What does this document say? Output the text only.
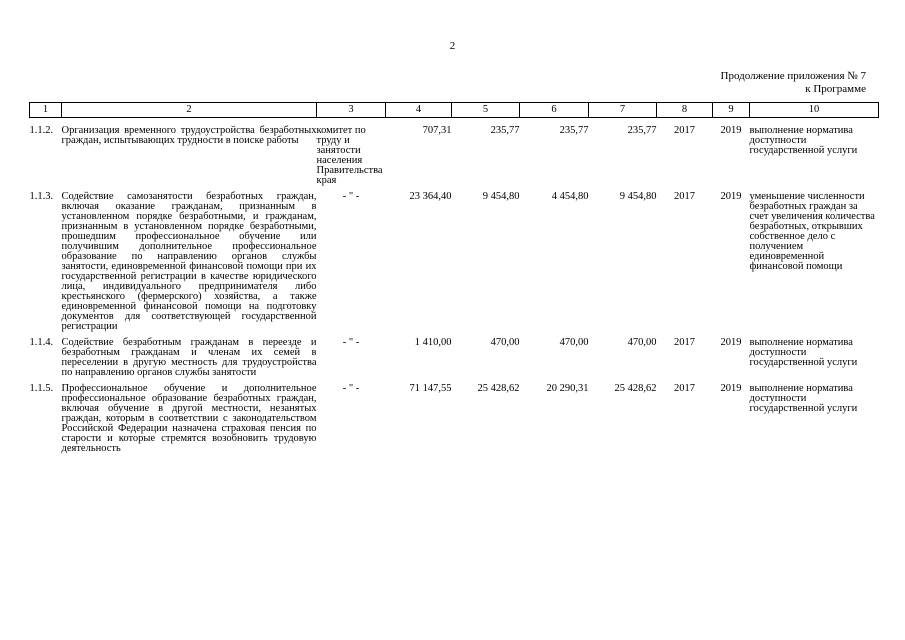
2
Продолжение приложения № 7
к Программе
1	2	3	4	5	6	7	8	9	10
1.1.2.	Организация временного трудоустройства безработных граждан, испытывающих трудности в поиске работы	комитет по труду и занятости населения Правительства края	707,31	235,77	235,77	235,77	2017	2019	выполнение норматива доступности государственной услуги
1.1.3.	Содействие самозанятости безработных граждан, включая оказание гражданам, признанным в установленном порядке безработными, и гражданам, признанным в установленном порядке безработными, прошедшим профессиональное обучение или получившим дополнительное профессиональное образование по направлению органов службы занятости, единовременной финансовой помощи при их государственной регистрации в качестве юридического лица, индивидуального предпринимателя либо крестьянского (фермерского) хозяйства, а также единовременной финансовой помощи на подготовку документов для соответствующей государственной регистрации	- " -	23 364,40	9 454,80	4 454,80	9 454,80	2017	2019	уменьшение численности безработных граждан за счет увеличения количества безработных, открывших собственное дело с получением единовременной финансовой помощи
1.1.4.	Содействие безработным гражданам в переезде и безработным гражданам и членам их семей в переселении в другую местность для трудоустройства по направлению органов службы занятости	- " -	1 410,00	470,00	470,00	470,00	2017	2019	выполнение норматива доступности государственной услуги
1.1.5.	Профессиональное обучение и дополнительное профессиональное образование безработных граждан, включая обучение в другой местности, незанятых граждан, которым в соответствии с законодательством Российской Федерации назначена страховая пенсия по старости и которые стремятся возобновить трудовую деятельность	- " -	71 147,55	25 428,62	20 290,31	25 428,62	2017	2019	выполнение норматива доступности государственной услуги
